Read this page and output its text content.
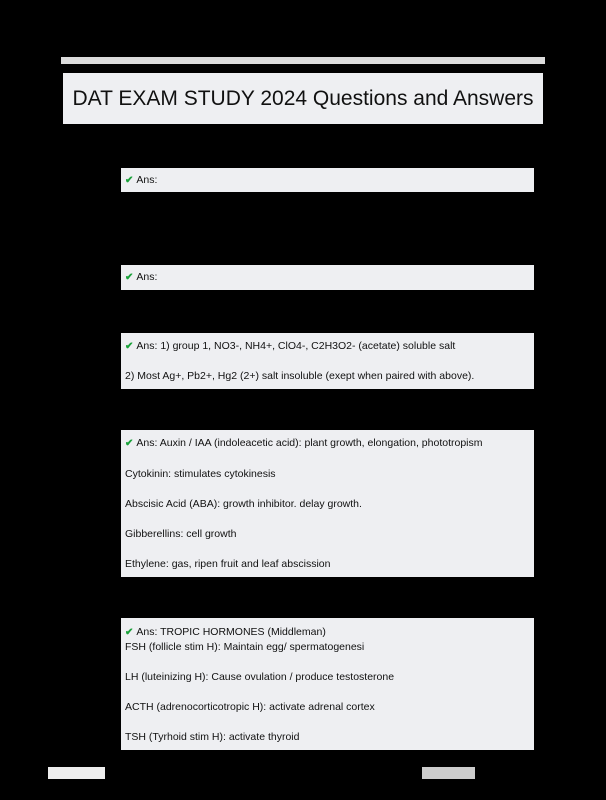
DAT EXAM STUDY 2024 Questions and Answers
✔ Ans:
✔ Ans:
✔ Ans: 1) group 1, NO3-, NH4+, ClO4-, C2H3O2- (acetate) soluble salt
2) Most Ag+, Pb2+, Hg2 (2+) salt insoluble (exept when paired with above).
✔ Ans: Auxin / IAA (indoleacetic acid): plant growth, elongation, phototropism
Cytokinin: stimulates cytokinesis
Abscisic Acid (ABA): growth inhibitor. delay growth.
Gibberellins: cell growth
Ethylene: gas, ripen fruit and leaf abscission
✔ Ans: TROPIC HORMONES (Middleman)
FSH (follicle stim H): Maintain egg/ spermatogenesi
LH (luteinizing H): Cause ovulation / produce testosterone
ACTH (adrenocorticotropic H): activate adrenal cortex
TSH (Tyrhoid stim H): activate thyroid
